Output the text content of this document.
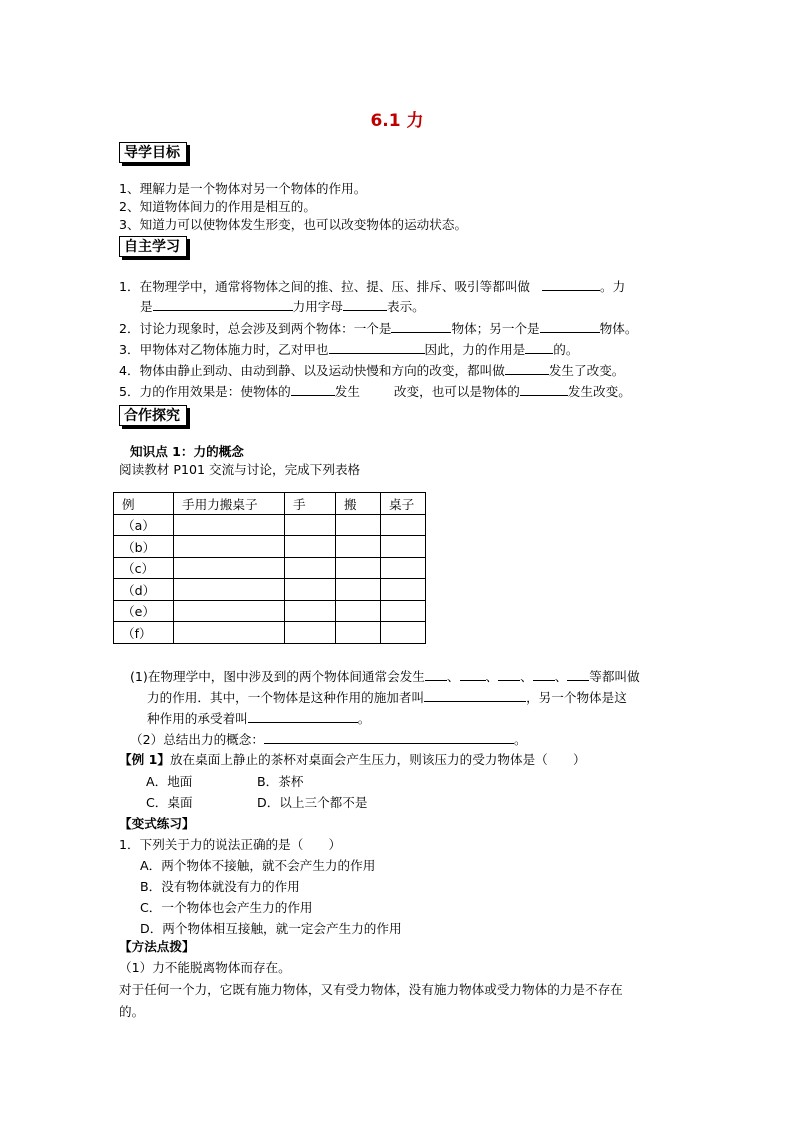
6.1 力
导学目标
1、理解力是一个物体对另一个物体的作用。
2、知道物体间力的作用是相互的。
3、知道力可以使物体发生形变，也可以改变物体的运动状态。
自主学习
1．在物理学中，通常将物体之间的推、拉、提、压、排斥、吸引等都叫做	。力
是	力用字母	表示。
2．讨论力现象时，总会涉及到两个物体：一个是	物体；另一个是	物体。
3．甲物体对乙物体施力时，乙对甲也	因此，力的作用是 的。
4．物体由静止到动、由动到静、以及运动快慢和方向的改变，都叫做	发生了改变。
5．力的作用效果是：使物体的	发生	改变，也可以是物体的	发生改变。
合作探究
知识点 1：力的概念
阅读教材 P101 交流与讨论，完成下列表格
例	手用力搬桌子	手	搬	桌子
（a）				
（b）				
（c）				
（d）				
（e）				
（f）				
(1)在物理学中，图中涉及到的两个物体间通常会发生 、 、 、 、 等都叫做
力的作用．其中，一个物体是这种作用的施加者叫	，另一个物体是这
种作用的承受着叫	。
（2）总结出力的概念：	。
【例 1】放在桌面上静止的茶杯对桌面会产生压力，则该压力的受力物体是（　　）
A．地面	B．茶杯
C．桌面	D．以上三个都不是
【变式练习】
1．下列关于力的说法正确的是（　　）
A．两个物体不接触，就不会产生力的作用
B．没有物体就没有力的作用
C．一个物体也会产生力的作用
D．两个物体相互接触，就一定会产生力的作用
【方法点拨】
（1）力不能脱离物体而存在。
对于任何一个力，它既有施力物体，又有受力物体，没有施力物体或受力物体的力是不存在
的。
